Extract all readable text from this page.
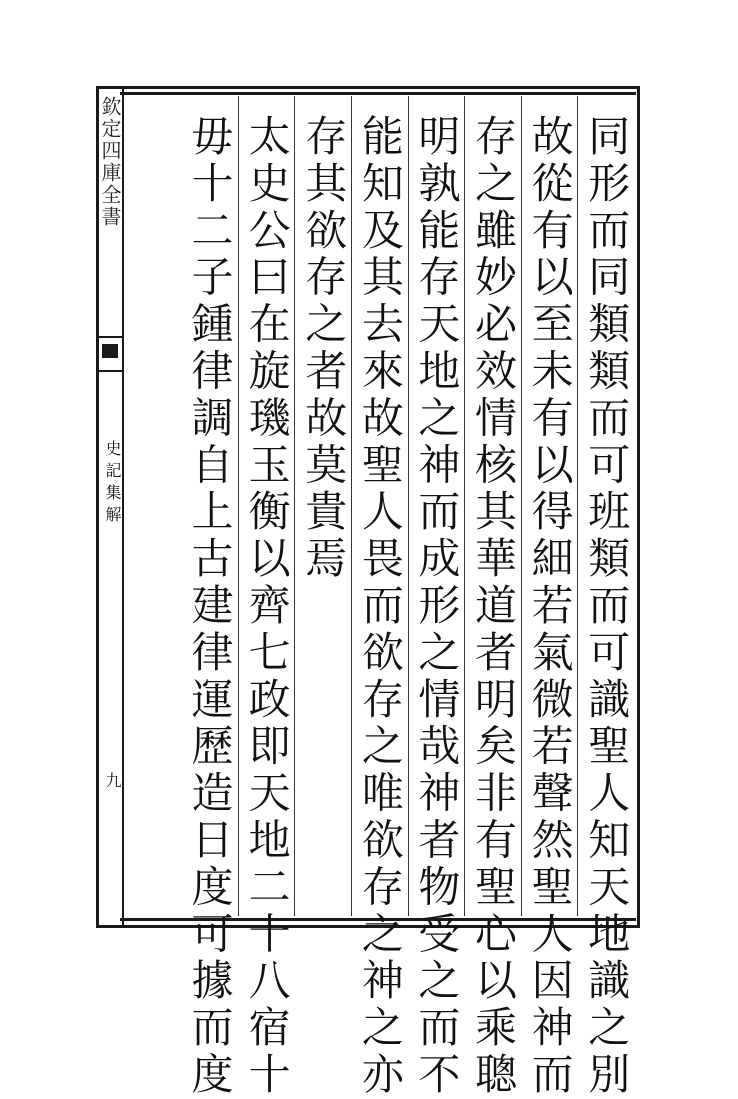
欽定四庫全書
史記集解
九	同形而同類類而可班類而可識聖人知天地識之別
故從有以至未有以得細若氣微若聲然聖人因神而
存之雖妙必效情核其華道者明矣非有聖心以乘聰
明孰能存天地之神而成形之情哉神者物受之而不
能知及其去來故聖人畏而欲存之唯欲存之神之亦
存其欲存之者故莫貴焉
太史公曰在旋璣玉衡以齊七政即天地二十八宿十
毋十二子鍾律調自上古建律運歷造日度可據而度
